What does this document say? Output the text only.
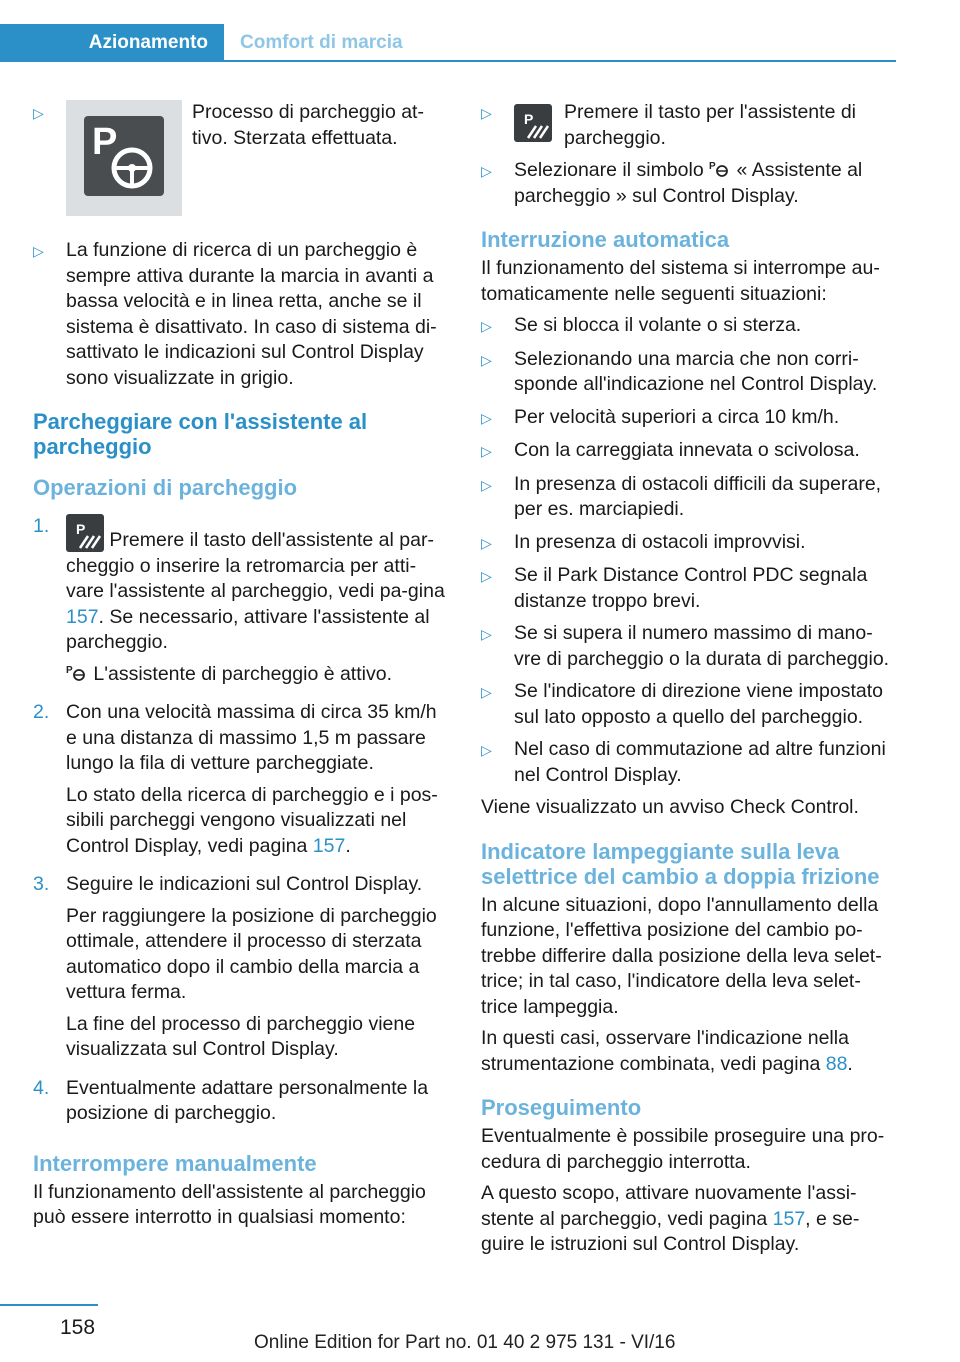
Azionamento	Comfort di marcia
▷
P
Processo di parcheggio at-tivo. Sterzata effettuata.
▷	La funzione di ricerca di un parcheggio è sempre attiva durante la marcia in avanti a bassa velocità e in linea retta, anche se il sistema è disattivato. In caso di sistema di-sattivato le indicazioni sul Control Display sono visualizzate in grigio.
Parcheggiare con l'assistente al parcheggio
Operazioni di parcheggio
1.	P Premere il tasto dell'assistente al par-cheggio o inserire la retromarcia per atti-vare l'assistente al parcheggio, vedi pa-gina 157. Se necessario, attivare l'assistente al parcheggio.

P L'assistente di parcheggio è attivo.

2. Con una velocità massima di circa 35 km/h e una distanza di massimo 1,5 m passare lungo la fila di vetture parcheggiate.

Lo stato della ricerca di parcheggio e i pos-sibili parcheggi vengono visualizzati nel Control Display, vedi pagina 157.

3. Seguire le indicazioni sul Control Display.

Per raggiungere la posizione di parcheggio ottimale, attendere il processo di sterzata automatico dopo il cambio della marcia a vettura ferma.

La fine del processo di parcheggio viene visualizzata sul Control Display.

4. Eventualmente adattare personalmente la posizione di parcheggio.

Interrompere manualmente
Il funzionamento dell'assistente al parcheggio può essere interrotto in qualsiasi momento:
▷	P Premere il tasto per l'assistente di parcheggio.
▷	Selezionare il simbolo P « Assistente al parcheggio » sul Control Display.
Interruzione automatica
Il funzionamento del sistema si interrompe au-tomaticamente nelle seguenti situazioni:
▷	Se si blocca il volante o si sterza.
▷	Selezionando una marcia che non corri-sponde all'indicazione nel Control Display.
▷	Per velocità superiori a circa 10 km/h.
▷	Con la carreggiata innevata o scivolosa.
▷	In presenza di ostacoli difficili da superare, per es. marciapiedi.
▷	In presenza di ostacoli improvvisi.
▷	Se il Park Distance Control PDC segnala distanze troppo brevi.
▷	Se si supera il numero massimo di mano-vre di parcheggio o la durata di parcheggio.
▷	Se l'indicatore di direzione viene impostato sul lato opposto a quello del parcheggio.
▷	Nel caso di commutazione ad altre funzioni nel Control Display.
Viene visualizzato un avviso Check Control.
Indicatore lampeggiante sulla leva selettrice del cambio a doppia frizione
In alcune situazioni, dopo l'annullamento della funzione, l'effettiva posizione del cambio po-trebbe differire dalla posizione della leva selet-trice; in tal caso, l'indicatore della leva selet-trice lampeggia.
In questi casi, osservare l'indicazione nella strumentazione combinata, vedi pagina 88.
Proseguimento
Eventualmente è possibile proseguire una pro-cedura di parcheggio interrotta.
A questo scopo, attivare nuovamente l'assi-stente al parcheggio, vedi pagina 157, e se-guire le istruzioni sul Control Display.
158
Online Edition for Part no. 01 40 2 975 131 - VI/16
